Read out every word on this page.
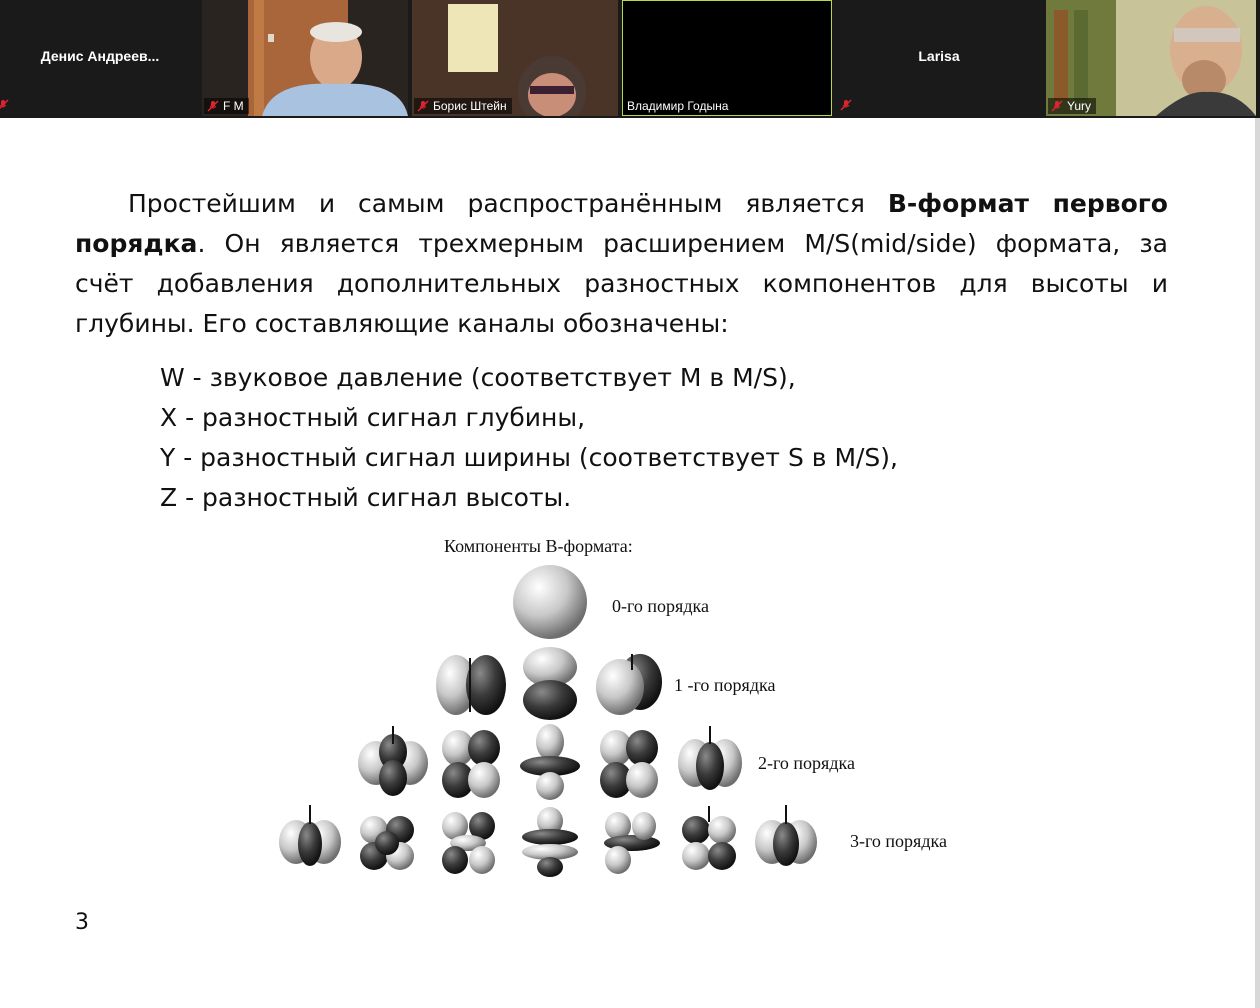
Денис Андреев...
F M	Борис Штейн	Владимир Годына
Larisa
Yury
Простейшим и самым распространённым является B-формат первого
порядка. Он является трехмерным расширением M/S(mid/side) формата, за
счёт добавления дополнительных разностных компонентов для высоты и
глубины. Его составляющие каналы обозначены:
W - звуковое давление (соответствует M в M/S),
X - разностный сигнал глубины,
Y - разностный сигнал ширины (соответствует S в M/S),
Z - разностный сигнал высоты.
Компоненты B-формата:
0-го порядка
1 -го порядка
2-го порядка
3-го порядка
3
